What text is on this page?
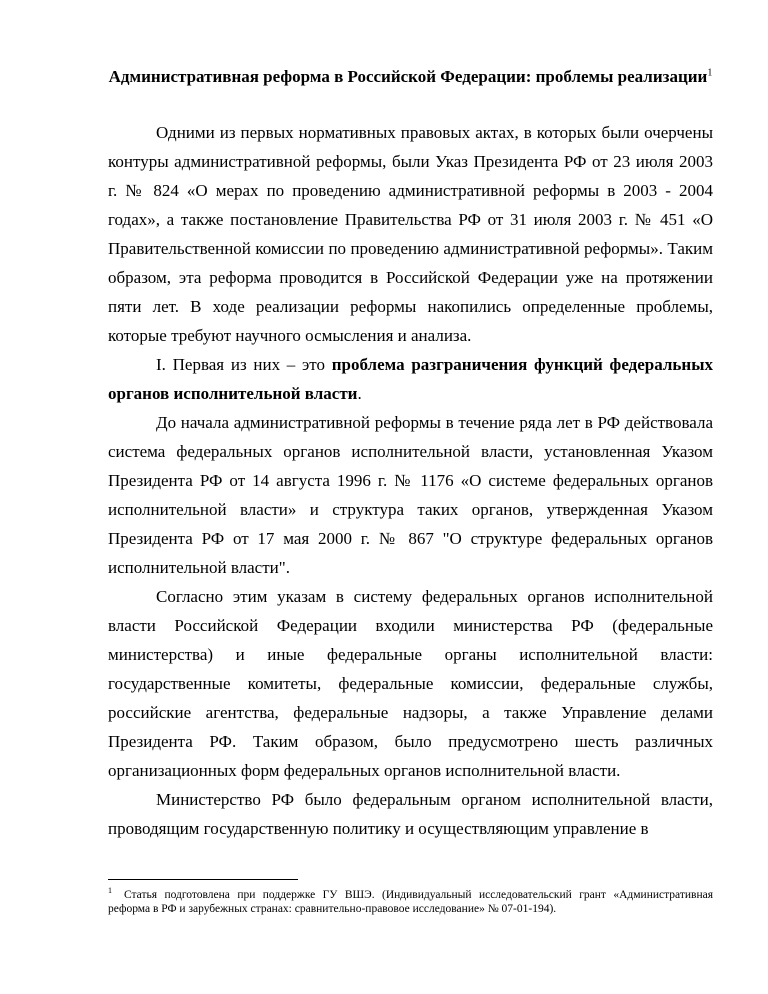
Административная реформа в Российской Федерации: проблемы реализации$^1$

Одними из первых нормативных правовых актах, в которых были очерчены контуры административной реформы, были Указ Президента РФ от 23 июля 2003 г. № 824 «О мерах по проведению административной реформы в 2003 - 2004 годах», а также постановление Правительства РФ от 31 июля 2003 г. № 451 «О Правительственной комиссии по проведению административной реформы». Таким образом, эта реформа проводится в Российской Федерации уже на протяжении пяти лет. В ходе реализации реформы накопились определенные проблемы, которые требуют научного осмысления и анализа.

I. Первая из них – это проблема разграничения функций федеральных органов исполнительной власти.

До начала административной реформы в течение ряда лет в РФ действовала система федеральных органов исполнительной власти, установленная Указом Президента РФ от 14 августа 1996 г. № 1176 «О системе федеральных органов исполнительной власти» и структура таких органов, утвержденная Указом Президента РФ от 17 мая 2000 г. № 867 "О структуре федеральных органов исполнительной власти".

Согласно этим указам в систему федеральных органов исполнительной власти Российской Федерации входили министерства РФ (федеральные министерства) и иные федеральные органы исполнительной власти: государственные комитеты, федеральные комиссии, федеральные службы, российские агентства, федеральные надзоры, а также Управление делами Президента РФ. Таким образом, было предусмотрено шесть различных организационных форм федеральных органов исполнительной власти.

Министерство РФ было федеральным органом исполнительной власти, проводящим государственную политику и осуществляющим управление в

$^1$ Статья подготовлена при поддержке ГУ ВШЭ. (Индивидуальный исследовательский грант «Административная реформа в РФ и зарубежных странах: сравнительно-правовое исследование» № 07-01-194).
